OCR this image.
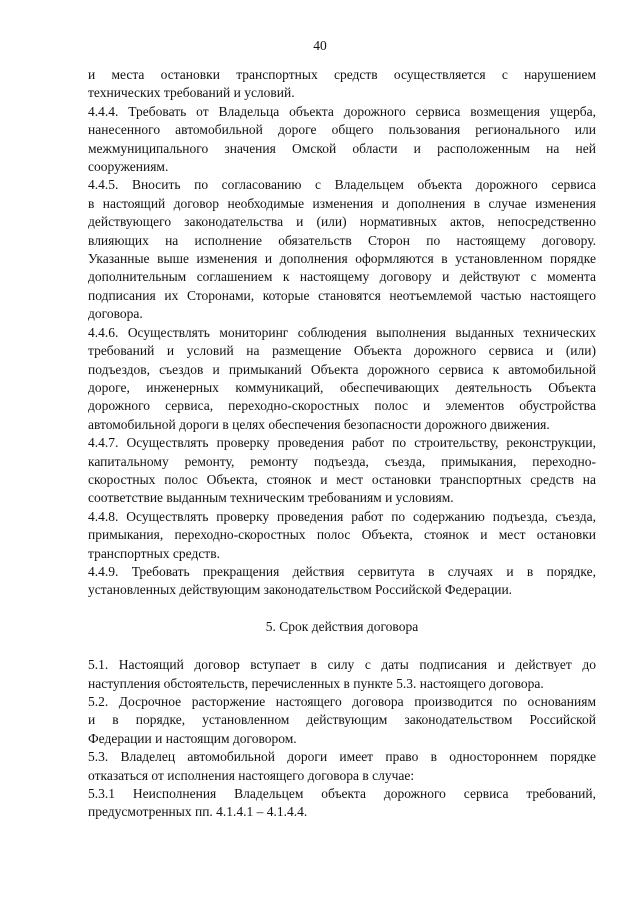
40
и места остановки транспортных средств осуществляется с нарушением
технических требований и условий.
4.4.4. Требовать от Владельца объекта дорожного сервиса возмещения ущерба,
нанесенного автомобильной дороге общего пользования регионального или
межмуниципального значения Омской области и расположенным на ней
сооружениям.
4.4.5. Вносить по согласованию с Владельцем объекта дорожного сервиса
в настоящий договор необходимые изменения и дополнения в случае изменения
действующего законодательства и (или) нормативных актов, непосредственно
влияющих на исполнение обязательств Сторон по настоящему договору.
Указанные выше изменения и дополнения оформляются в установленном порядке
дополнительным соглашением к настоящему договору и действуют с момента
подписания их Сторонами, которые становятся неотъемлемой частью настоящего
договора.
4.4.6. Осуществлять мониторинг соблюдения выполнения выданных технических
требований и условий на размещение Объекта дорожного сервиса и (или)
подъездов, съездов и примыканий Объекта дорожного сервиса к автомобильной
дороге, инженерных коммуникаций, обеспечивающих деятельность Объекта
дорожного сервиса, переходно-скоростных полос и элементов обустройства
автомобильной дороги в целях обеспечения безопасности дорожного движения.
4.4.7. Осуществлять проверку проведения работ по строительству, реконструкции,
капитальному ремонту, ремонту подъезда, съезда, примыкания, переходно-
скоростных полос Объекта, стоянок и мест остановки транспортных средств на
соответствие выданным техническим требованиям и условиям.
4.4.8. Осуществлять проверку проведения работ по содержанию подъезда, съезда,
примыкания, переходно-скоростных полос Объекта, стоянок и мест остановки
транспортных средств.
4.4.9. Требовать прекращения действия сервитута в случаях и в порядке,
установленных действующим законодательством Российской Федерации.
5. Срок действия договора
5.1. Настоящий договор вступает в силу с даты подписания и действует до
наступления обстоятельств, перечисленных в пункте 5.3. настоящего договора.
5.2. Досрочное расторжение настоящего договора производится по основаниям
и в порядке, установленном действующим законодательством Российской
Федерации и настоящим договором.
5.3. Владелец автомобильной дороги имеет право в одностороннем порядке
отказаться от исполнения настоящего договора в случае:
5.3.1 Неисполнения Владельцем объекта дорожного сервиса требований,
предусмотренных пп. 4.1.4.1 – 4.1.4.4.
